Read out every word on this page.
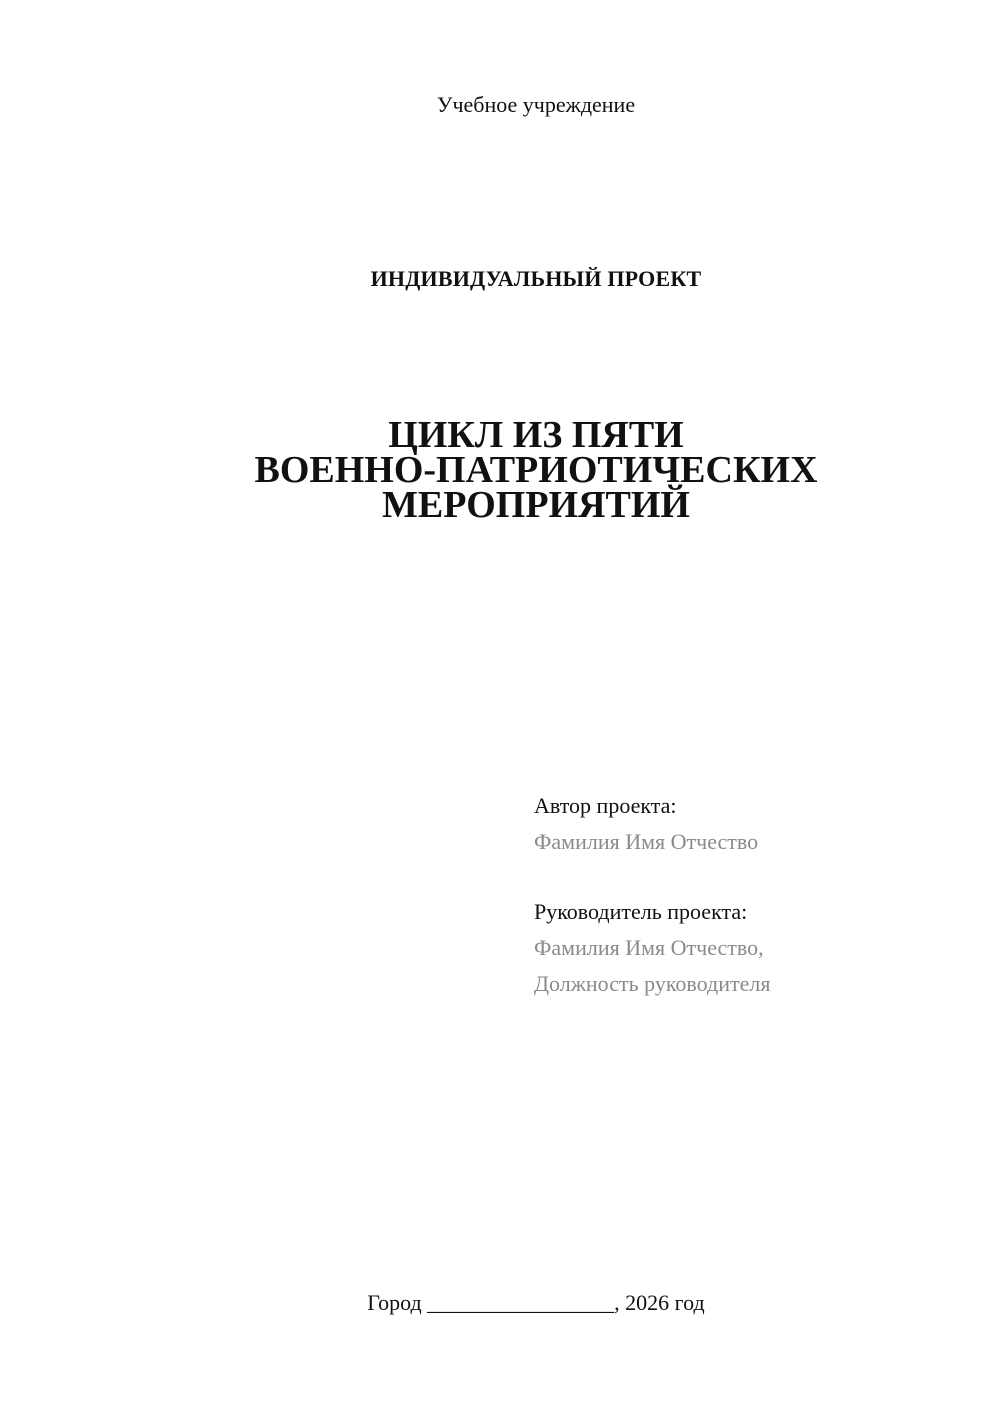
Учебное учреждение
ИНДИВИДУАЛЬНЫЙ ПРОЕКТ
ЦИКЛ ИЗ ПЯТИ
ВОЕННО-ПАТРИОТИЧЕСКИХ
МЕРОПРИЯТИЙ
Автор проекта:
Фамилия Имя Отчество
Руководитель проекта:
Фамилия Имя Отчество,
Должность руководителя
Город _________________, 2026 год
